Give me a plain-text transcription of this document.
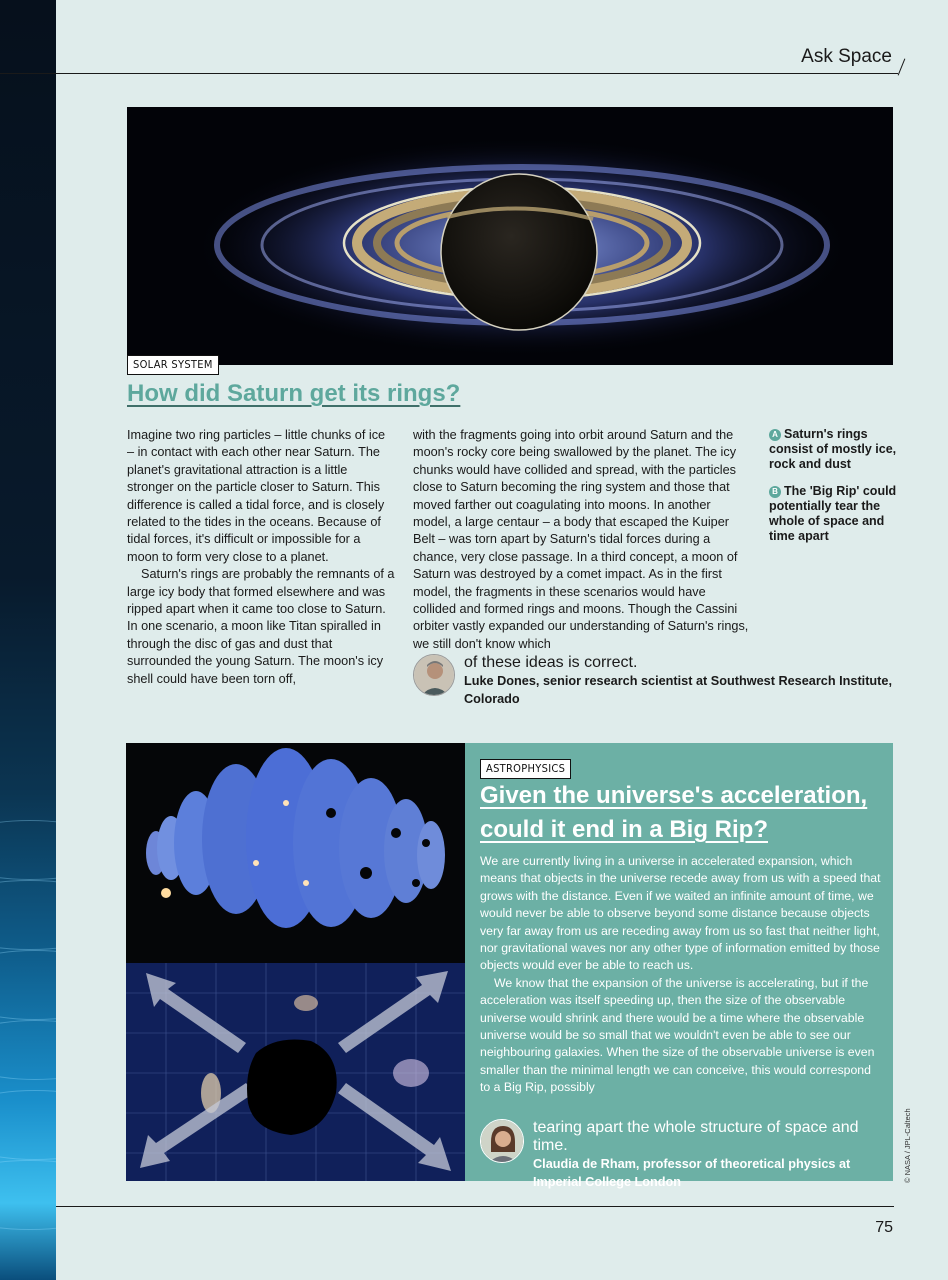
Ask Space
SOLAR SYSTEM
How did Saturn get its rings?

Imagine two ring particles – little chunks of ice – in contact with each other near Saturn. The planet's gravitational attraction is a little stronger on the particle closer to Saturn. This difference is called a tidal force, and is closely related to the tides in the oceans. Because of tidal forces, it's difficult or impossible for a moon to form very close to a planet.

Saturn's rings are probably the remnants of a large icy body that formed elsewhere and was ripped apart when it came too close to Saturn. In one scenario, a moon like Titan spiralled in through the disc of gas and dust that surrounded the young Saturn. The moon's icy shell could have been torn off,

with the fragments going into orbit around Saturn and the moon's rocky core being swallowed by the planet. The icy chunks would have collided and spread, with the particles close to Saturn becoming the ring system and those that moved farther out coagulating into moons. In another model, a large centaur – a body that escaped the Kuiper Belt – was torn apart by Saturn's tidal forces during a chance, very close passage. In a third concept, a moon of Saturn was destroyed by a comet impact. As in the first model, the fragments in these scenarios would have collided and formed rings and moons. Though the Cassini orbiter vastly expanded our understanding of Saturn's rings, we still don't know which

of these ideas is correct.
Luke Dones, senior research scientist at Southwest Research Institute, Colorado
A Saturn's rings consist of mostly ice, rock and dust
B The 'Big Rip' could potentially tear the whole of space and time apart
ASTROPHYSICS
Given the universe's acceleration, could it end in a Big Rip?

We are currently living in a universe in accelerated expansion, which means that objects in the universe recede away from us with a speed that grows with the distance. Even if we waited an infinite amount of time, we would never be able to observe beyond some distance because objects very far away from us are receding away from us so fast that neither light, nor gravitational waves nor any other type of information emitted by those objects would ever be able to reach us.

We know that the expansion of the universe is accelerating, but if the acceleration was itself speeding up, then the size of the observable universe would shrink and there would be a time where the observable universe would be so small that we wouldn't even be able to see our neighbouring galaxies. When the size of the observable universe is even smaller than the minimal length we can conceive, this would correspond to a Big Rip, possibly

tearing apart the whole structure of space and time.
Claudia de Rham, professor of theoretical physics at Imperial College London	© NASA / JPL-Caltech
75
